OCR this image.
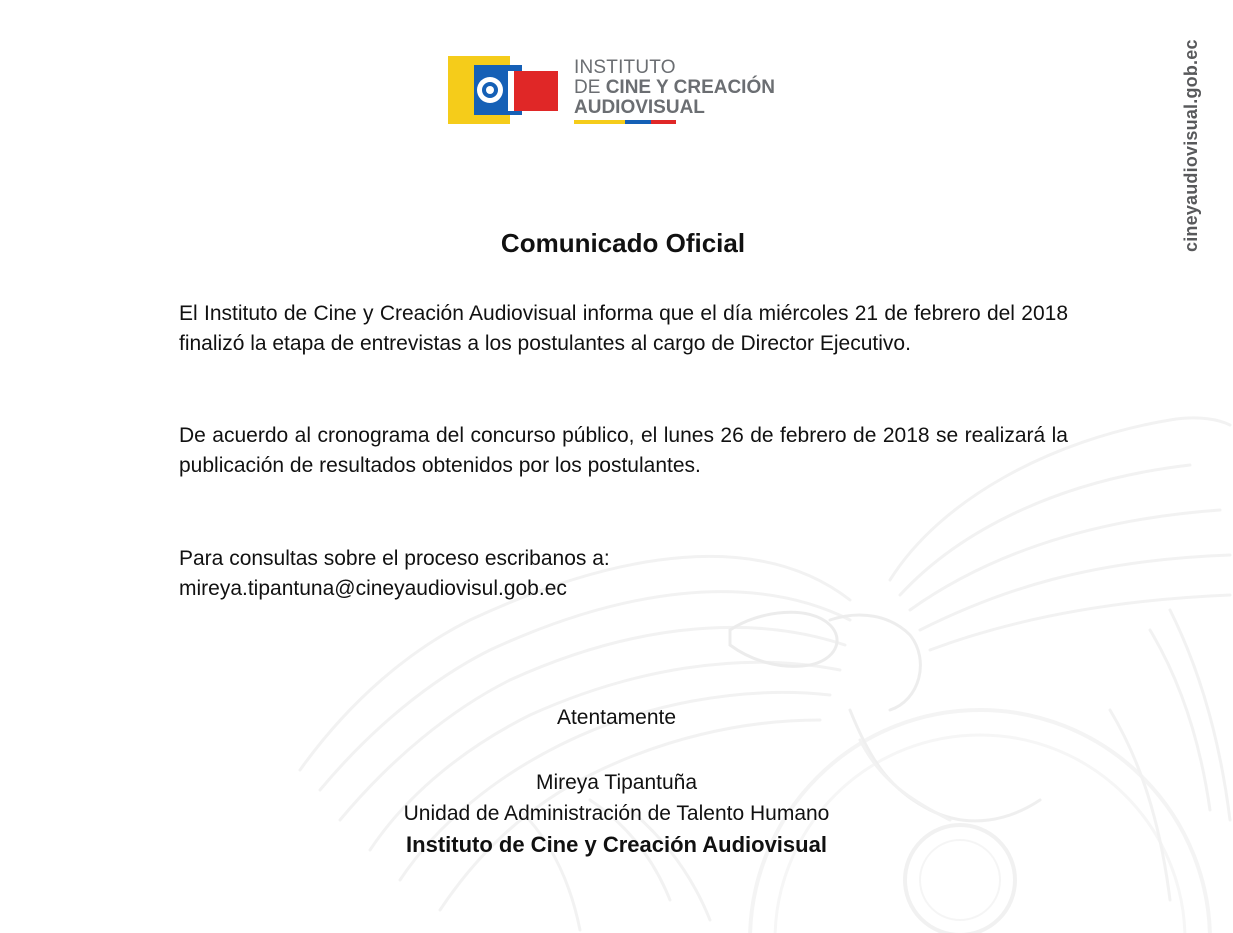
INSTITUTO
DE CINE Y CREACIÓN
AUDIOVISUAL	cineyaudiovisual.gob.ec
Comunicado Oficial
El Instituto de Cine y Creación Audiovisual informa que el día miércoles 21 de febrero del 2018 finalizó la etapa de entrevistas a los postulantes al cargo de Director Ejecutivo.
De acuerdo al cronograma del concurso público, el lunes 26 de febrero de 2018 se realizará la publicación de resultados obtenidos por los postulantes.
Para consultas sobre el proceso escribanos a:
mireya.tipantuna@cineyaudiovisul.gob.ec
Atentamente
Mireya Tipantuña
Unidad de Administración de Talento Humano
Instituto de Cine y Creación Audiovisual
